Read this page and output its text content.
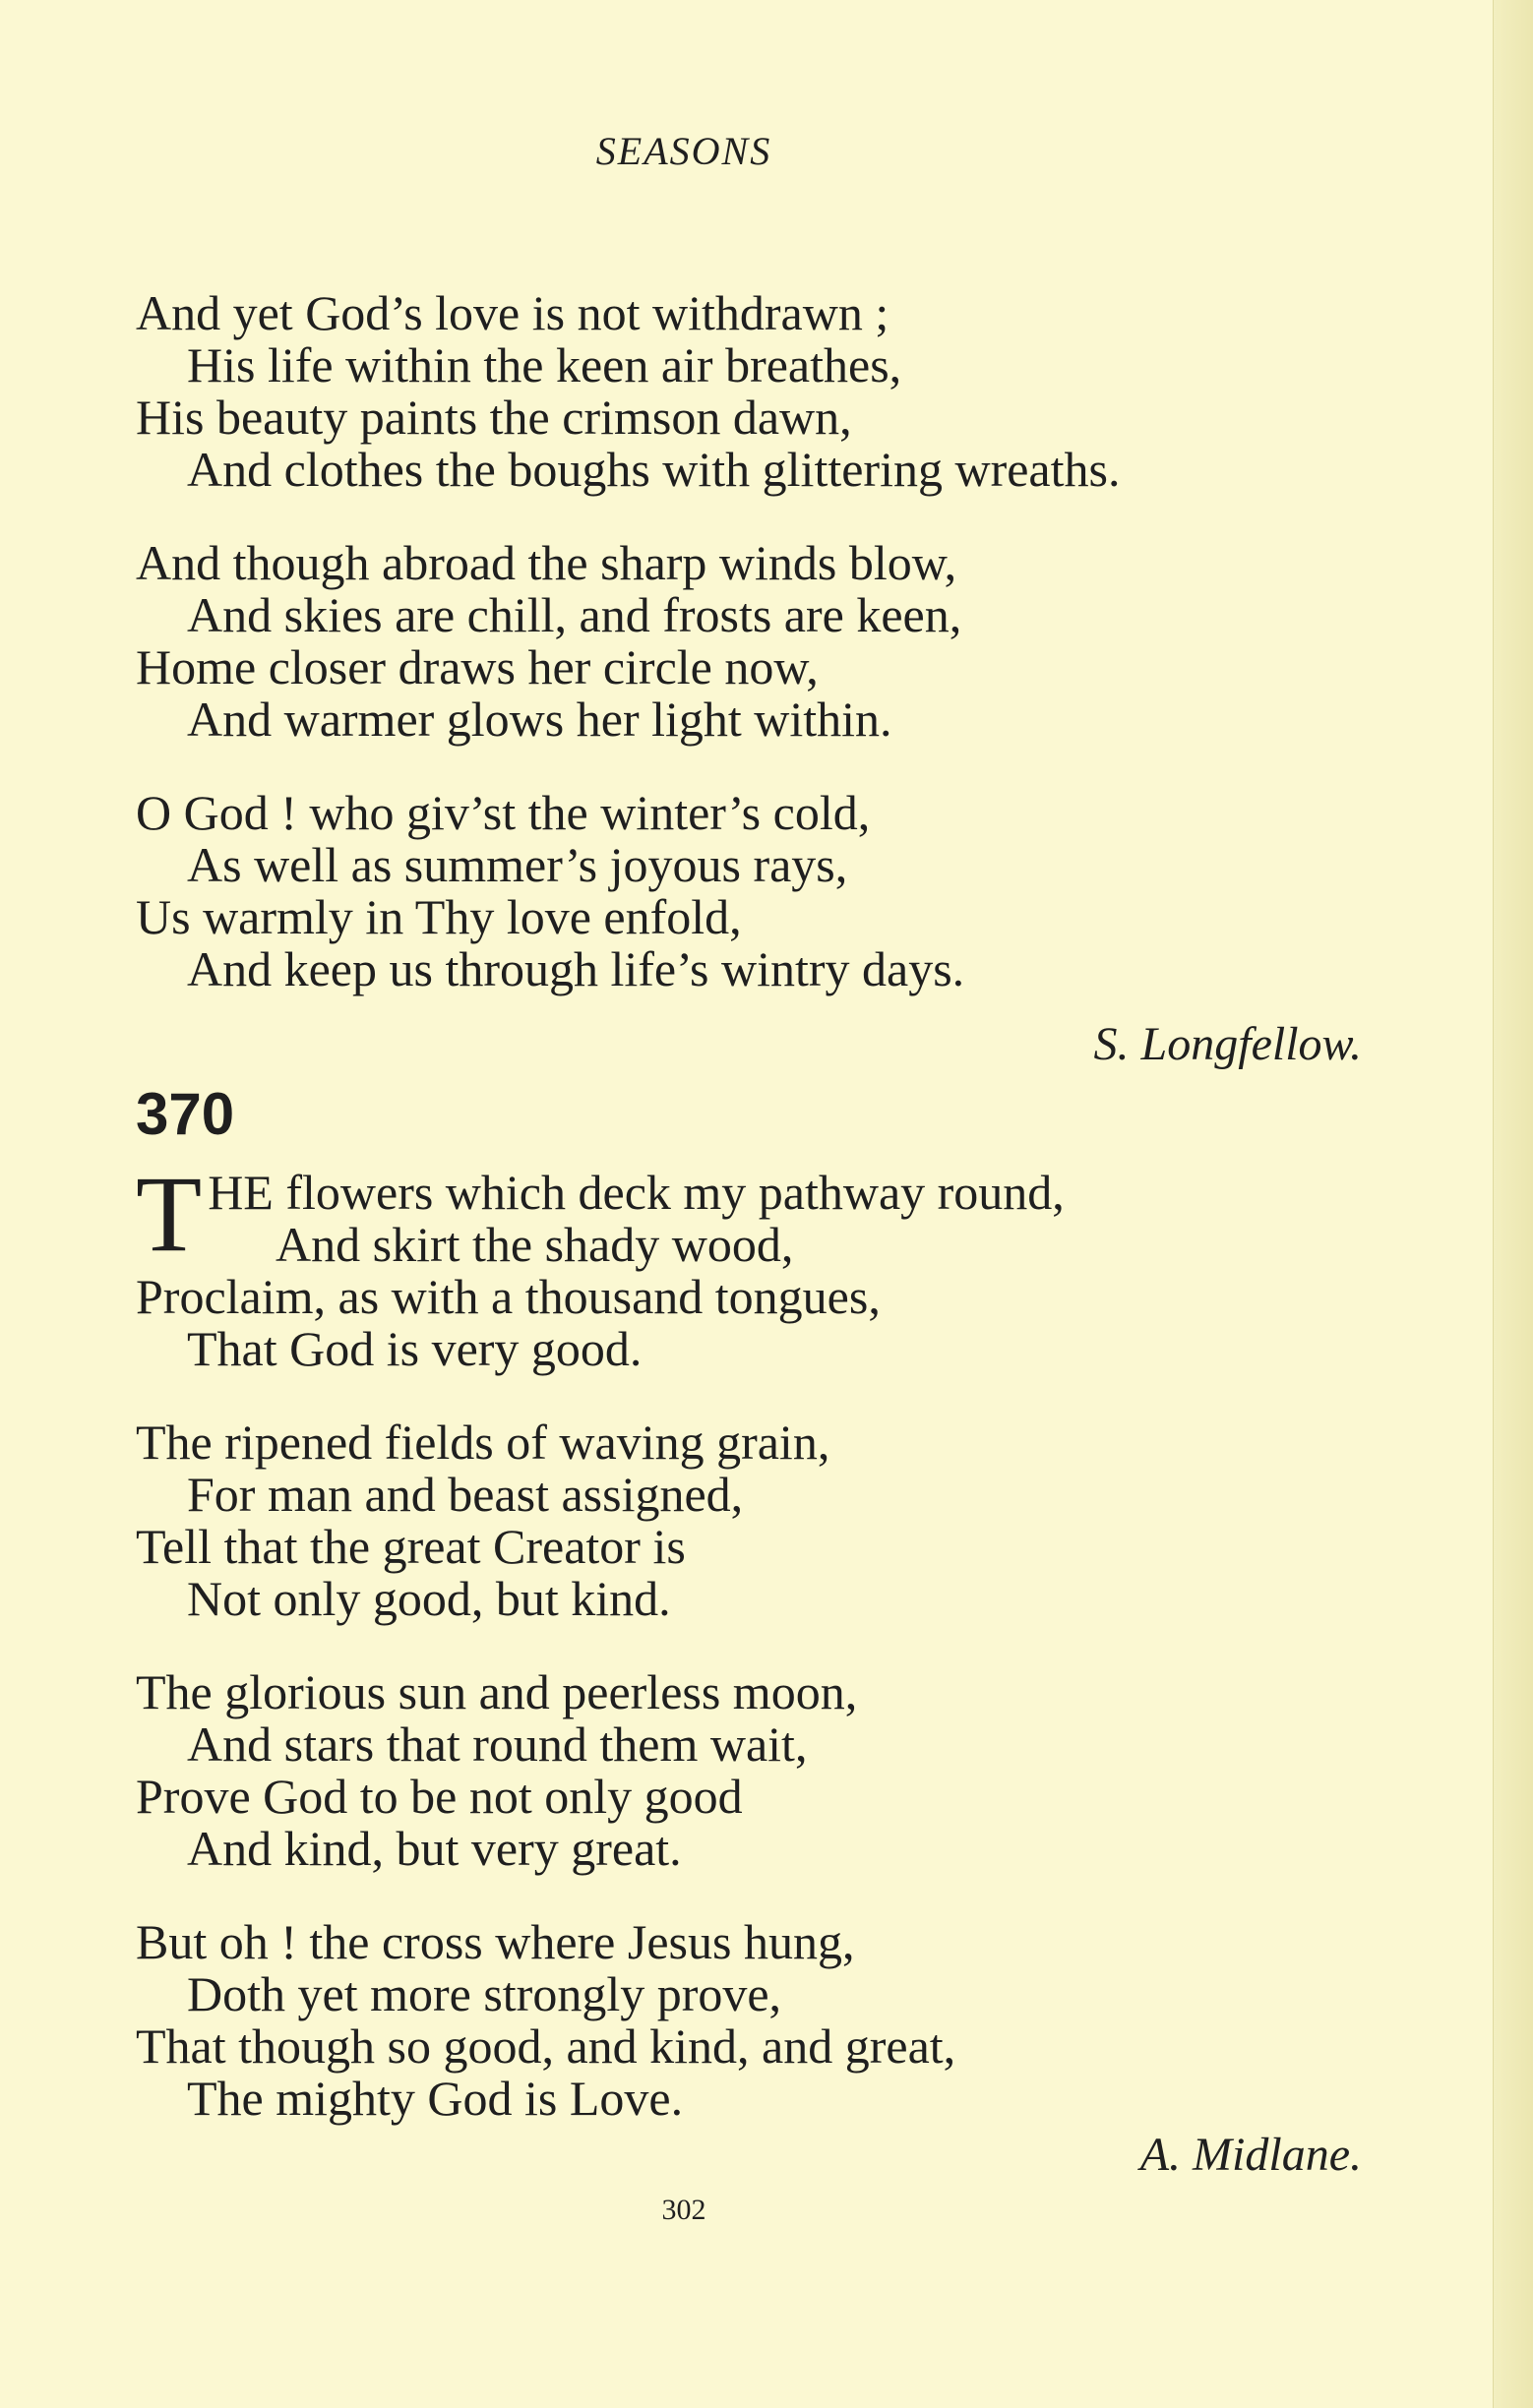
SEASONS
And yet God’s love is not withdrawn ;
His life within the keen air breathes,
His beauty paints the crimson dawn,
And clothes the boughs with glittering wreaths.
And though abroad the sharp winds blow,
And skies are chill, and frosts are keen,
Home closer draws her circle now,
And warmer glows her light within.
O God ! who giv’st the winter’s cold,
As well as summer’s joyous rays,
Us warmly in Thy love enfold,
And keep us through life’s wintry days.
S. Longfellow.
370
T HE flowers which deck my pathway round,
And skirt the shady wood,
Proclaim, as with a thousand tongues,
That God is very good.
The ripened fields of waving grain,
For man and beast assigned,
Tell that the great Creator is
Not only good, but kind.
The glorious sun and peerless moon,
And stars that round them wait,
Prove God to be not only good
And kind, but very great.
But oh ! the cross where Jesus hung,
Doth yet more strongly prove,
That though so good, and kind, and great,
The mighty God is Love.
A. Midlane.
302
